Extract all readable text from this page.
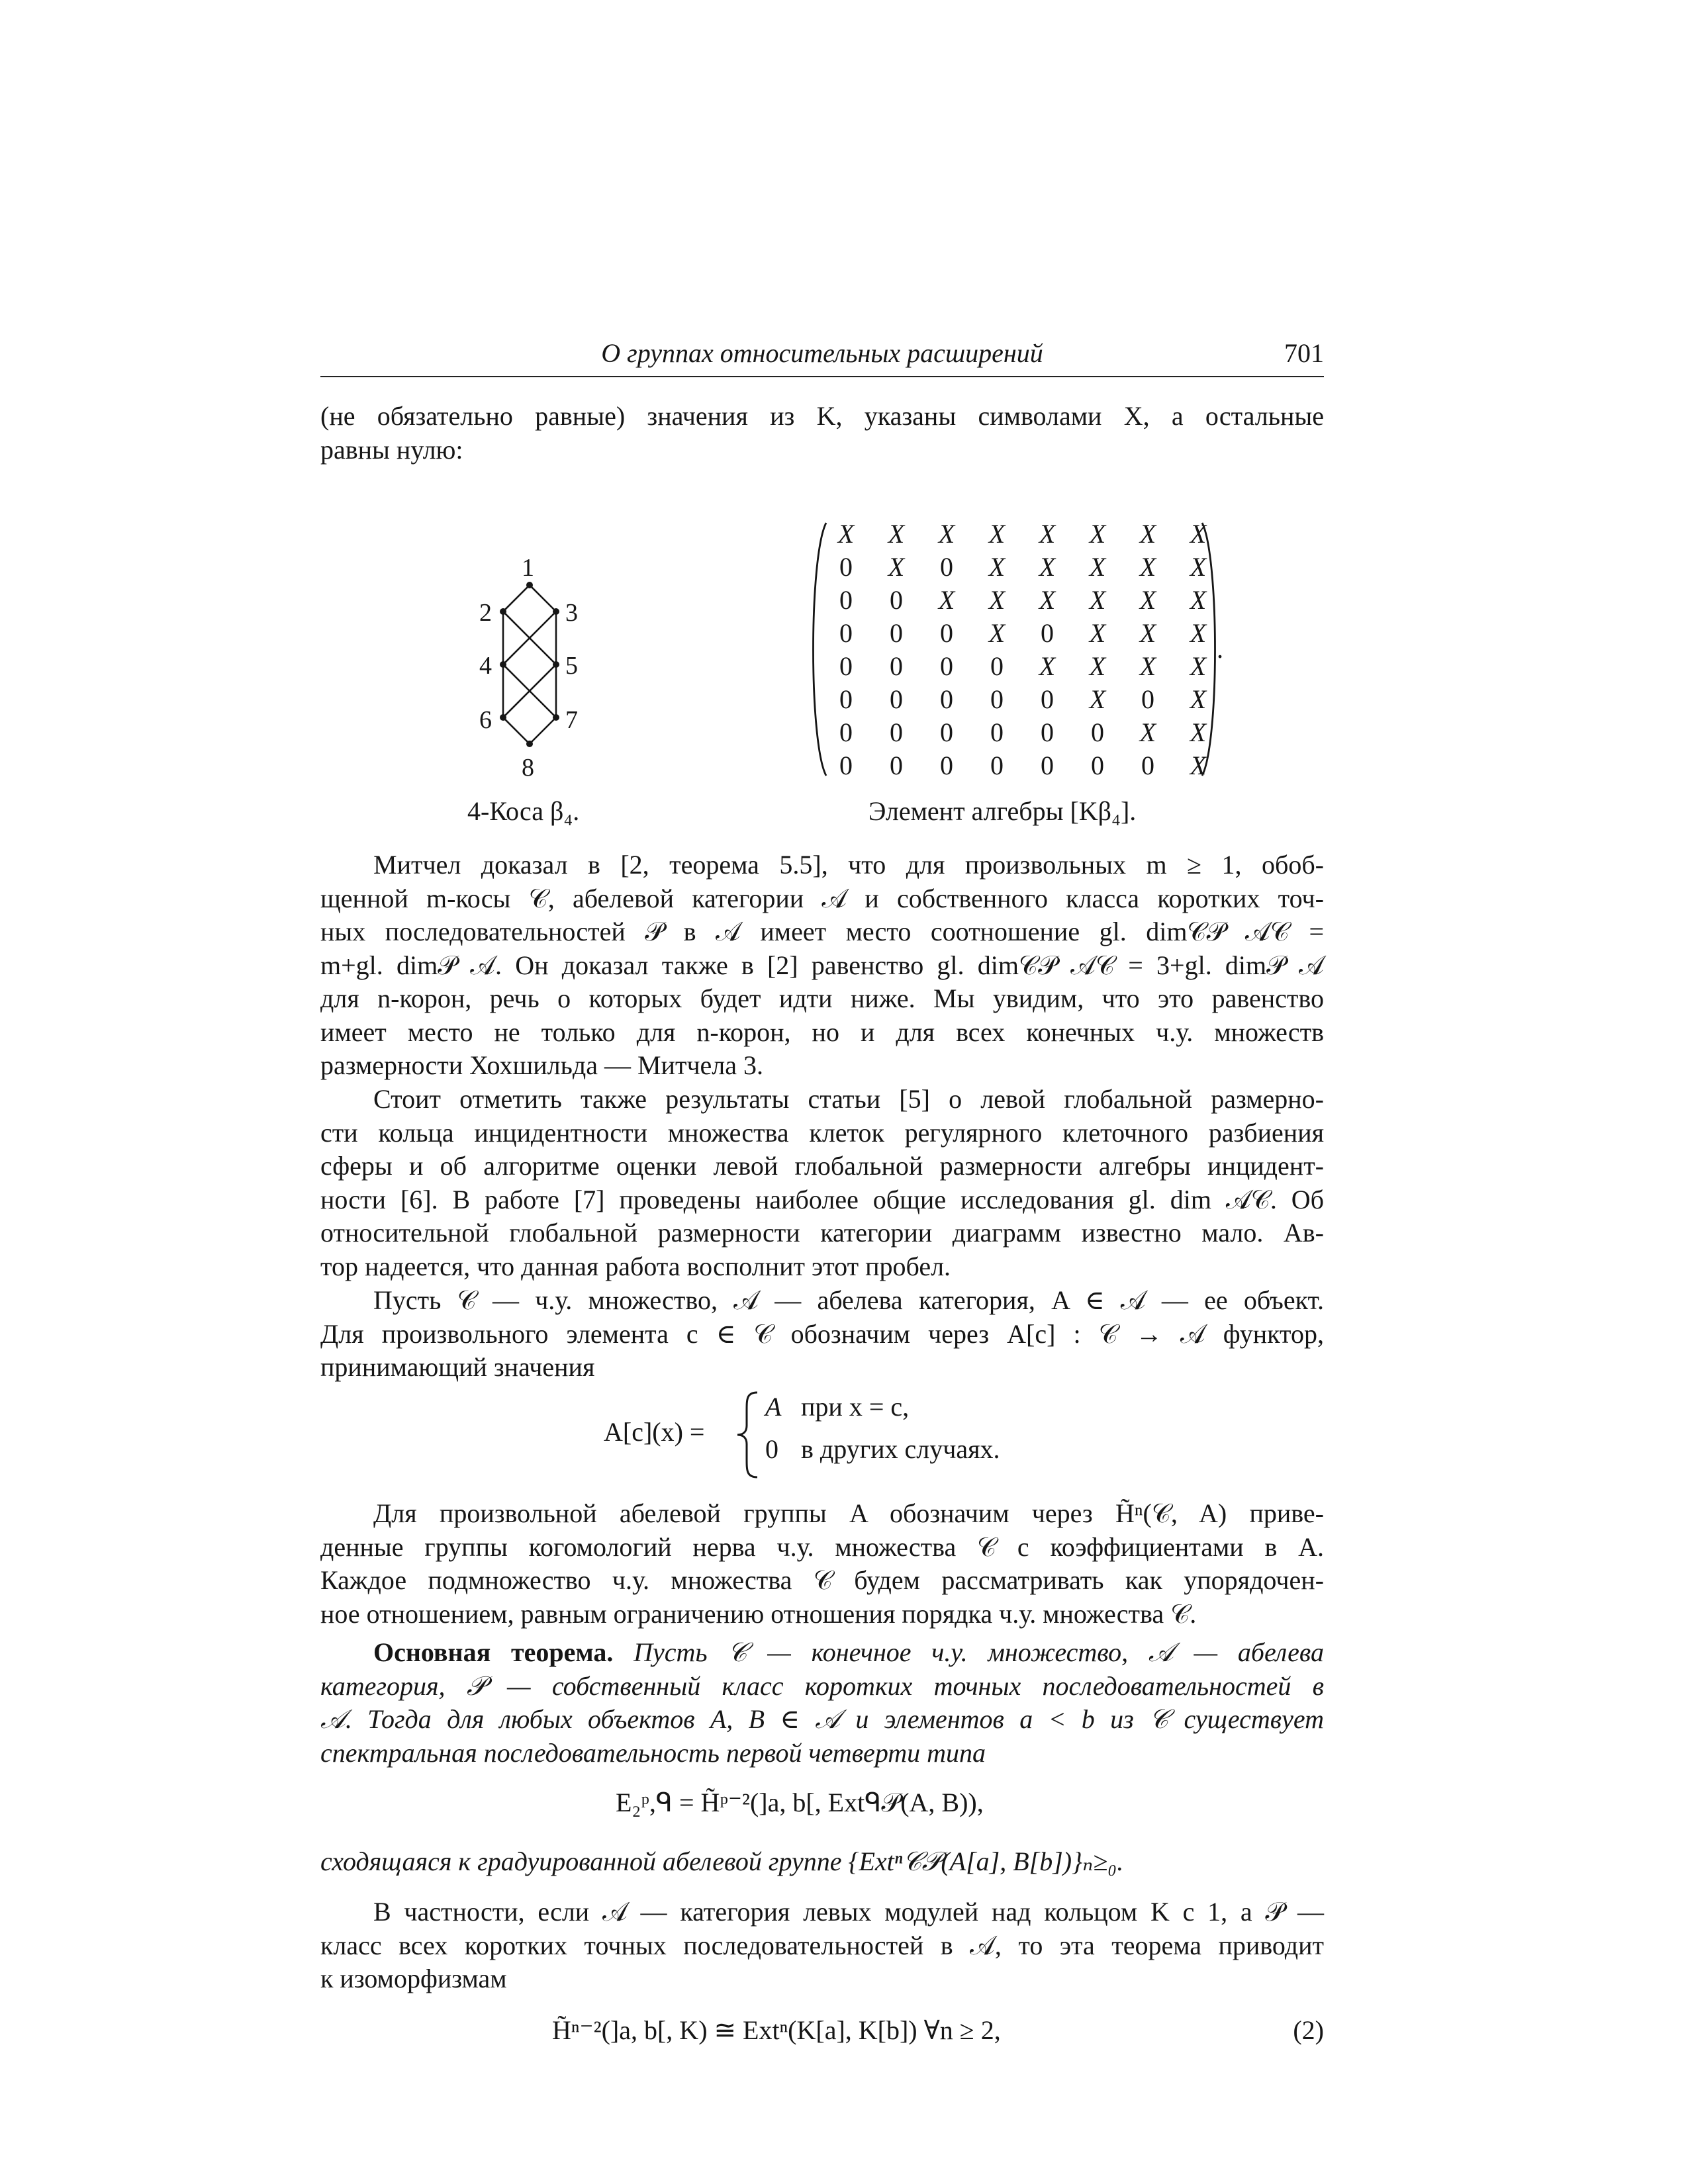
О группах относительных расширений	701
(не обязательно равные) значения из K, указаны символами X, а остальные
равны нулю:
1
2	3
4	5
6	7
8
4-Коса β₄.
X X X X X X X X
0 X 0 X X X X X
0 0 X X X X X X
0 0 0 X 0 X X X
0 0 0 0 X X X X
0 0 0 0 0 X 0 X
0 0 0 0 0 0 X X
0 0 0 0 0 0 0 X
.
Элемент алгебры [Kβ₄].
Митчел доказал в [2, теорема 5.5], что для произвольных m ≥ 1, обоб-
щенной m-косы 𝒞, абелевой категории 𝒜 и собственного класса коротких точ-
ных последовательностей 𝒫 в 𝒜 имеет место соотношение gl. dim𝒞𝒫 𝒜𝒞 =
m+gl. dim𝒫 𝒜. Он доказал также в [2] равенство gl. dim𝒞𝒫 𝒜𝒞 = 3+gl. dim𝒫 𝒜
для n-корон, речь о которых будет идти ниже. Мы увидим, что это равенство
имеет место не только для n-корон, но и для всех конечных ч.у. множеств
размерности Хохшильда — Митчела 3.
Стоит отметить также результаты статьи [5] о левой глобальной размерно-
сти кольца инцидентности множества клеток регулярного клеточного разбиения
сферы и об алгоритме оценки левой глобальной размерности алгебры инцидент-
ности [6]. В работе [7] проведены наиболее общие исследования gl. dim 𝒜𝒞. Об
относительной глобальной размерности категории диаграмм известно мало. Ав-
тор надеется, что данная работа восполнит этот пробел.
Пусть 𝒞 — ч.у. множество, 𝒜 — абелева категория, A ∈ 𝒜 — ее объект.
Для произвольного элемента c ∈ 𝒞 обозначим через A[c] : 𝒞 → 𝒜 функтор,
принимающий значения
A[c](x) =
A при x = c,
0 в других случаях.
Для произвольной абелевой группы A обозначим через H̃ⁿ(𝒞, A) приве-
денные группы когомологий нерва ч.у. множества 𝒞 с коэффициентами в A.
Каждое подмножество ч.у. множества 𝒞 будем рассматривать как упорядочен-
ное отношением, равным ограничению отношения порядка ч.у. множества 𝒞.
Основная теорема. Пусть 𝒞 — конечное ч.у. множество, 𝒜 — абелева
категория, 𝒫 — собственный класс коротких точных последовательностей в
𝒜. Тогда для любых объектов A, B ∈ 𝒜 и элементов a < b из 𝒞 существует
спектральная последовательность первой четверти типа
E₂ᵖ,ᑫ = H̃ᵖ⁻²(]a, b[, Extᑫ𝒫(A, B)),
сходящаяся к градуированной абелевой группе {Extⁿ𝒞𝒫(A[a], B[b])}ₙ≥₀.
В частности, если 𝒜 — категория левых модулей над кольцом K с 1, а 𝒫 —
класс всех коротких точных последовательностей в 𝒜, то эта теорема приводит
к изоморфизмам
H̃ⁿ⁻²(]a, b[, K) ≅ Extⁿ(K[a], K[b]) ∀n ≥ 2,	(2)
